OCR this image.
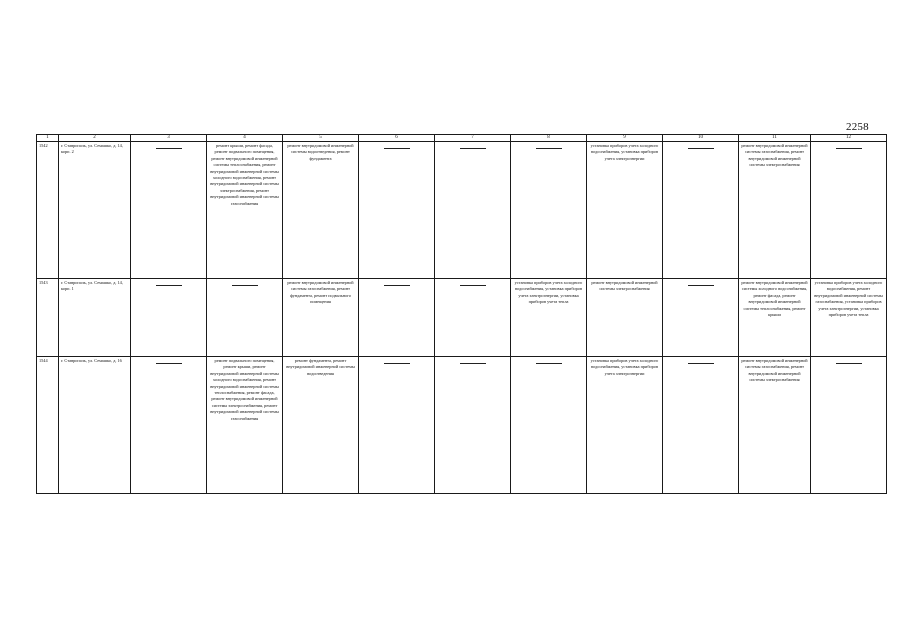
2258
1	2	3	4	5	6	7	8	9	10	11	12
1542	г. Ставрополь, ул. Семашко, д. 14, корп. 2		ремонт крыши, ремонт фасада, ремонт подвального помещения, ремонт внутридомовой инженерной системы теплоснабжения, ремонт внутридомовой инженерной системы холодного водоснабжения, ремонт внутридомовой инженерной системы электроснабжения, ремонт внутридомовой инженерной системы газоснабжения	ремонт внутридомовой инженерной системы водоотведения, ремонт фундамента				установка приборов учета холодного водоснабжения, установка приборов учета электроэнергии		ремонт внутридомовой инженерной системы газоснабжения, ремонт внутридомовой инженерной системы электроснабжения	

1543	г. Ставрополь, ул. Семашко, д. 14, корп. 1			ремонт внутридомовой инженерной системы газоснабжения, ремонт фундамента, ремонт подвального помещения			установка приборов учета холодного водоснабжения, установка приборов учета электроэнергии, установка приборов учета тепла	ремонт внутридомовой инженерной системы электроснабжения		ремонт внутридомовой инженерной системы холодного водоснабжения, ремонт фасада, ремонт внутридомовой инженерной системы теплоснабжения, ремонт крыши	установка приборов учета холодного водоснабжения, ремонт внутридомовой инженерной системы газоснабжения, установка приборов учета электроэнергии, установка приборов учета тепла
1544	г. Ставрополь, ул. Семашко, д. 16		ремонт подвального помещения, ремонт крыши, ремонт внутридомовой инженерной системы холодного водоснабжения, ремонт внутридомовой инженерной системы теплоснабжения, ремонт фасада, ремонт внутридомовой инженерной системы электроснабжения, ремонт внутридомовой инженерной системы газоснабжения	ремонт фундамента, ремонт внутридомовой инженерной системы водоотведения				установка приборов учета холодного водоснабжения, установка приборов учета электроэнергии		ремонт внутридомовой инженерной системы газоснабжения, ремонт внутридомовой инженерной системы электроснабжения	
